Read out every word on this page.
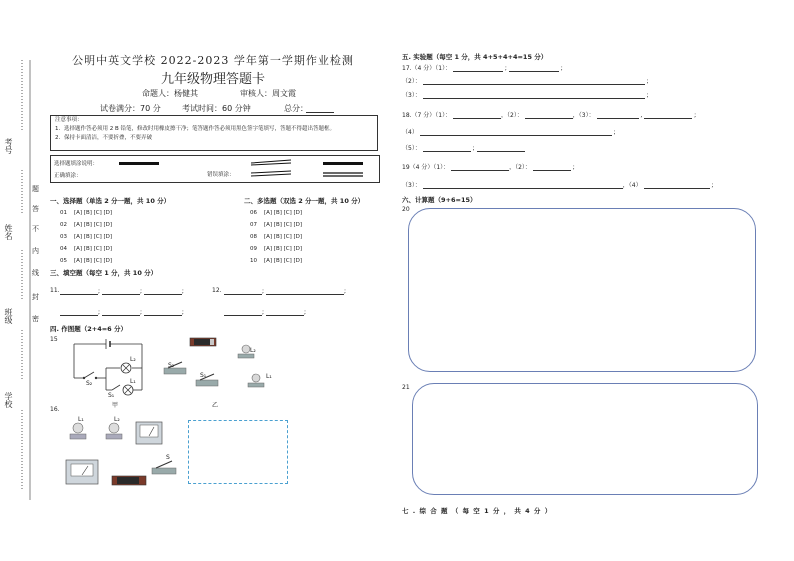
考号
姓名
班级
学校
题
答
不
内
线
封
密
公明中英文学校 2022-2023 学年第一学期作业检测
九年级物理答题卡
命题人：杨健其	审核人：周文霞
试卷满分：70 分	考试时间：60 分钟	总分：
注意事项：
1．选择题作答必须用 2 B 铅笔，修改时用橡皮擦干净；笔答题作答必须用黑色签字笔填写，答题不得超出答题框。
2．保持卡面清洁，不要折叠，不要弄破
选择题填涂说明：
正确填涂：	错误填涂：
一、选择题（单选 2 分一题，共 10 分）
01 [A] [B] [C] [D]
02 [A] [B] [C] [D]
03 [A] [B] [C] [D]
04 [A] [B] [C] [D]
05 [A] [B] [C] [D]
二、多选题（双选 2 分一题，共 10 分）
06 [A] [B] [C] [D]
07 [A] [B] [C] [D]
08 [A] [B] [C] [D]
09 [A] [B] [C] [D]
10 [A] [B] [C] [D]
三、填空题（每空 1 分，共 10 分）
11.	;	;	;	12.	;	;
;	;	;	;	;
四. 作图题（2+4=6 分）
15
L₂
L₁
S₂
S₁
甲
L₂
S₂
S₁	L₁
乙
16.
L₁	L₂
S
五. 实验题（每空 1 分，共 4+5+4+4=15 分）
17.（4 分）（1）：	;	;
（2）：	;
（3）：	;
18.（7 分）（1）：	，（2）：	，（3）：	,	;
（4）	;
（5）：	;
19（4 分）（1）：	，（2）：	;
（3）：	，（4）	;
六、计算题（9+6=15）
20
21
七 . 综 合 题 （ 每 空 1 分 ， 共 4 分 ）
